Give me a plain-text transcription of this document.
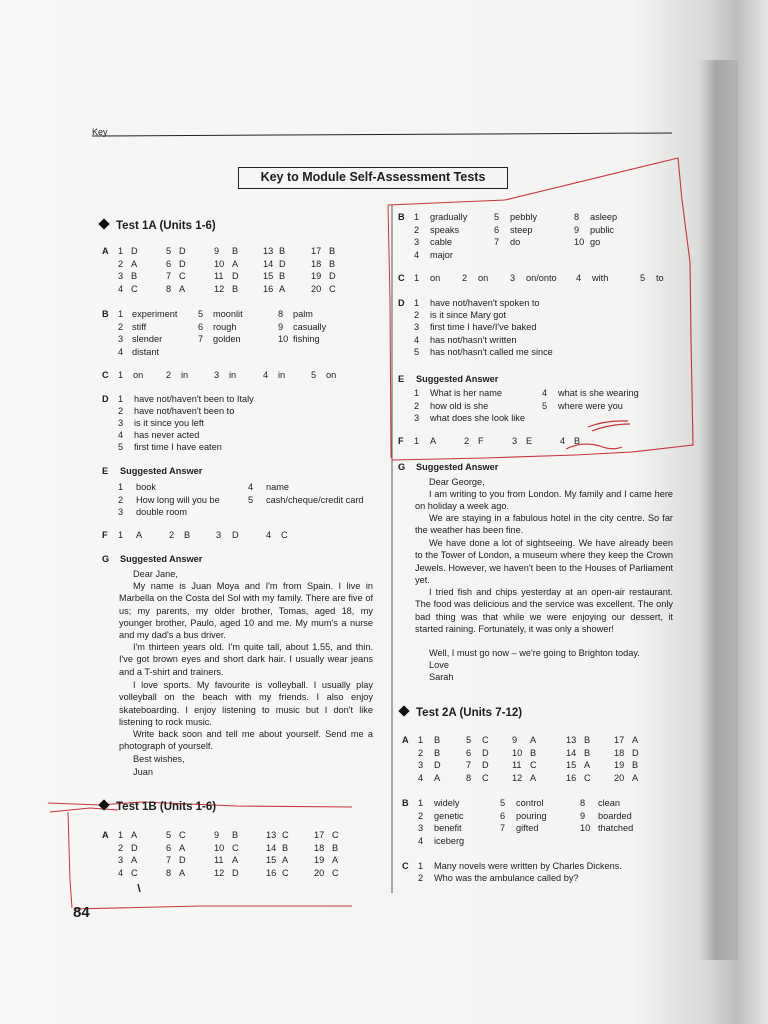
Key
Key to Module Self-Assessment Tests
Test 1A (Units 1-6)
A 1 D	5 D	9 B	13 B	17 B
2 A	6 D	10 A	14 D	18 B
3 B	7 C	11 D	15 B	19 D
4 C	8 A	12 B	16 A	20 C
B 1 experiment 5 moonlit	8 palm
2 stiff	6 rough	9 casually
3 slender	7 golden	10 fishing
4 distant
C 1 on 2 in	3 in	4 in	5 on
D 1 have not/haven't been to Italy
2 have not/haven't been to
3 is it since you left
4 has never acted
5 first time I have eaten
E Suggested Answer
1 book	4 name
2 How long will you be	5 cash/cheque/credit card
3 double room
F 1 A	2 B	3 D	4 C
G Suggested Answer
Dear Jane,
My name is Juan Moya and I'm from Spain. I live in Marbella on the Costa del Sol with my family. There are five of us; my parents, my older brother, Tomas, aged 18, my younger brother, Paulo, aged 10 and me. My mum's a nurse and my dad's a bus driver.
I'm thirteen years old. I'm quite tall, about 1.55, and thin. I've got brown eyes and short dark hair. I usually wear jeans and a T-shirt and trainers.
I love sports. My favourite is volleyball. I usually play volleyball on the beach with my friends. I also enjoy skateboarding. I enjoy listening to music but I don't like listening to rock music.
Write back soon and tell me about yourself. Send me a photograph of yourself.
Best wishes,
Juan
Test 1B (Units 1-6)
A 1 A	5 C	9 B	13 C	17 C
2 D	6 A	10 C	14 B	18 B
3 A	7 D	11 A	15 A	19 A
4 C	8 A	12 D	16 C	20 C
84
B 1 gradually	5 pebbly	8 asleep
2 speaks	6 steep	9 public
3 cable	7 do	10 go
4 major
C 1 on 2 on 3 on/onto 4 with	5 to
D 1 have not/haven't spoken to
2 is it since Mary got
3 first time I have/I've baked
4 has not/hasn't written
5 has not/hasn't called me since
E Suggested Answer
1 What is her name	4 what is she wearing
2 how old is she	5 where were you
3 what does she look like
F 1 A	2 F	3 E	4 B
G Suggested Answer
Dear George,
I am writing to you from London. My family and I came here on holiday a week ago.
We are staying in a fabulous hotel in the city centre. So far the weather has been fine.
We have done a lot of sightseeing. We have already been to the Tower of London, a museum where they keep the Crown Jewels. However, we haven't been to the Houses of Parliament yet.
I tried fish and chips yesterday at an open-air restaurant. The food was delicious and the service was excellent. The only bad thing was that while we were enjoying our dessert, it started raining. Fortunately, it was only a shower!
Well, I must go now – we're going to Brighton today.
Love
Sarah
Test 2A (Units 7-12)
A 1 B	5 C	9 A	13 B	17 A
2 B	6 D	10 B	14 B	18 D
3 D	7 D	11 C	15 A	19 B
4 A	8 C	12 A	16 C	20 A
B 1 widely	5 control	8 clean
2 genetic	6 pouring	9 boarded
3 benefit	7 gifted	10 thatched
4 iceberg
C 1 Many novels were written by Charles Dickens.
2 Who was the ambulance called by?
